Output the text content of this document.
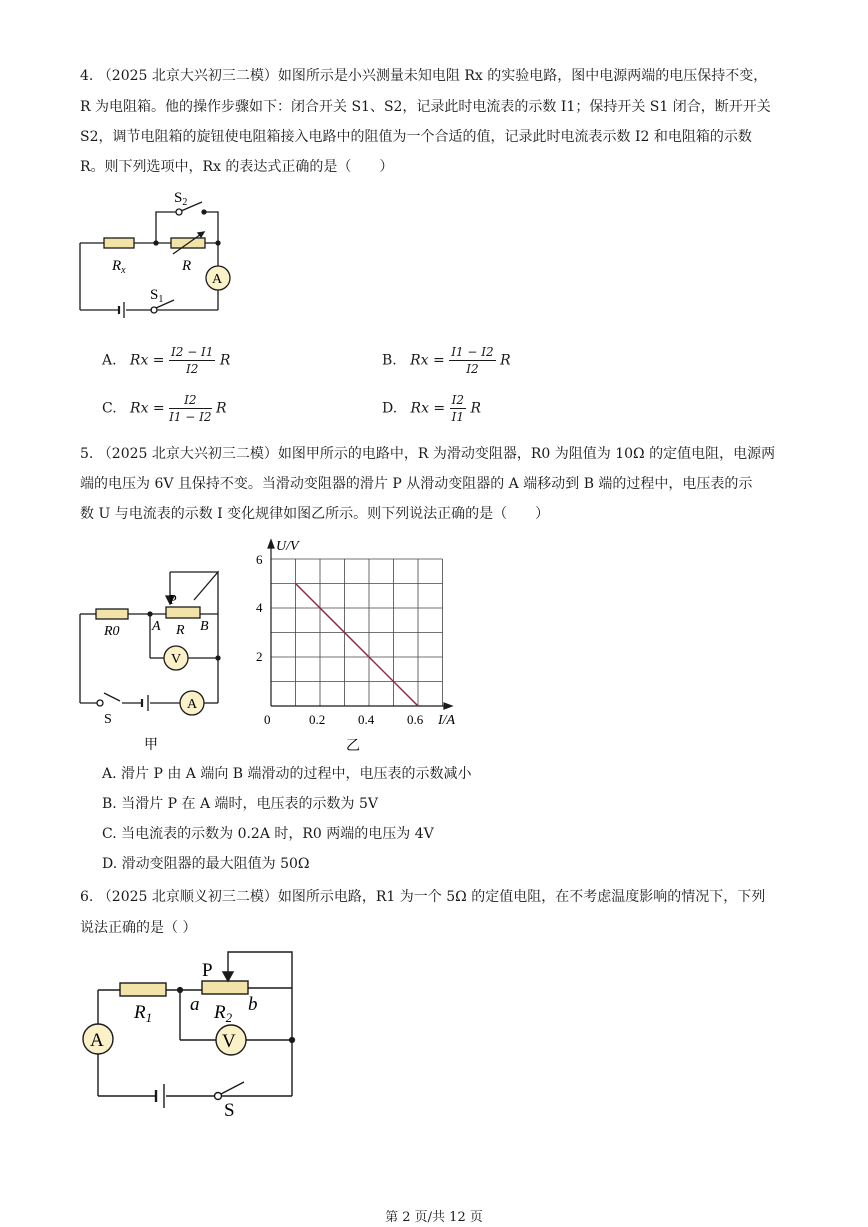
4. （2025 北京大兴初三二模）如图所示是小兴测量未知电阻 Rx 的实验电路，图中电源两端的电压保持不变，
R 为电阻箱。他的操作步骤如下：闭合开关 S1、S2，记录此时电流表的示数 I1；保持开关 S1 闭合，断开开关
S2，调节电阻箱的旋钮使电阻箱接入电路中的阻值为一个合适的值，记录此时电流表示数 I2 和电阻箱的示数
R。则下列选项中，Rx 的表达式正确的是（　　）
$S_2$
$R_x$	R
A
$S_1$
A. $Rx = \frac{I2 - I1}{I2}$ R	B. $Rx = \frac{I1 - I2}{I2}$ R
C. $Rx = \frac{I2}{I1 - I2}$ R	D. $Rx = \frac{I2}{I1}$ R
5. （2025 北京大兴初三二模）如图甲所示的电路中，R 为滑动变阻器，R0 为阻值为 10Ω 的定值电阻，电源两
端的电压为 6V 且保持不变。当滑动变阻器的滑片 P 从滑动变阻器的 A 端移动到 B 端的过程中，电压表的示
数 U 与电流表的示数 I 变化规律如图乙所示。则下列说法正确的是（　　）
P
R0 A R B
V
A
S
甲
U/V
I/A
6
4
2
0	0.2	0.4	0.6
乙
A. 滑片 P 由 A 端向 B 端滑动的过程中，电压表的示数减小
B. 当滑片 P 在 A 端时，电压表的示数为 5V
C. 当电流表的示数为 0.2A 时，R0 两端的电压为 4V
D. 滑动变阻器的最大阻值为 50Ω
6. （2025 北京顺义初三二模）如图所示电路，R1 为一个 5Ω 的定值电阻，在不考虑温度影响的情况下，下列
说法正确的是（ ）
P
$R_1$
a $R_2$
b
A	V
S
第 2 页/共 12 页
